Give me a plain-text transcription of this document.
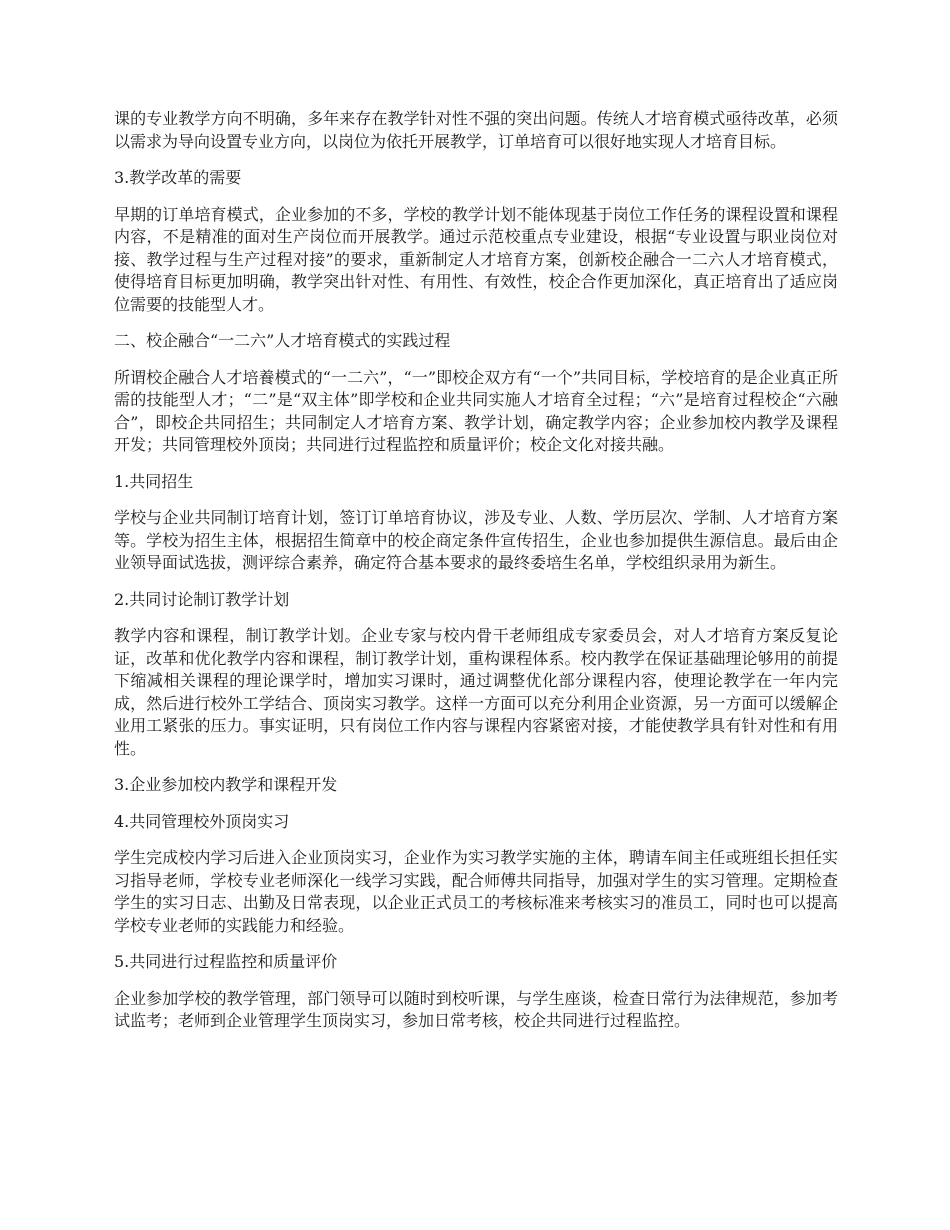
课的专业教学方向不明确，多年来存在教学针对性不强的突出问题。传统人才培育模式亟待改革，必须以需求为导向设置专业方向，以岗位为依托开展教学，订单培育可以很好地实现人才培育目标。

3.教学改革的需要

早期的订单培育模式，企业参加的不多，学校的教学计划不能体现基于岗位工作任务的课程设置和课程内容，不是精准的面对生产岗位而开展教学。通过示范校重点专业建设，根据“专业设置与职业岗位对接、教学过程与生产过程对接”的要求，重新制定人才培育方案，创新校企融合一二六人才培育模式，使得培育目标更加明确，教学突出针对性、有用性、有效性，校企合作更加深化，真正培育出了适应岗位需要的技能型人才。

二、校企融合“一二六”人才培育模式的实践过程

所谓校企融合人才培養模式的“一二六”，“一”即校企双方有“一个”共同目标，学校培育的是企业真正所需的技能型人才；“二”是“双主体”即学校和企业共同实施人才培育全过程；“六”是培育过程校企“六融合”，即校企共同招生；共同制定人才培育方案、教学计划，确定教学内容；企业参加校内教学及课程开发；共同管理校外顶岗；共同进行过程监控和质量评价；校企文化对接共融。

1.共同招生

学校与企业共同制订培育计划，签订订单培育协议，涉及专业、人数、学历层次、学制、人才培育方案等。学校为招生主体，根据招生简章中的校企商定条件宣传招生，企业也参加提供生源信息。最后由企业领导面试选拔，测评综合素养，确定符合基本要求的最终委培生名单，学校组织录用为新生。

2.共同讨论制订教学计划

教学内容和课程，制订教学计划。企业专家与校内骨干老师组成专家委员会，对人才培育方案反复论证，改革和优化教学内容和课程，制订教学计划，重构课程体系。校内教学在保证基础理论够用的前提下缩减相关课程的理论课学时，增加实习课时，通过调整优化部分课程内容，使理论教学在一年内完成，然后进行校外工学结合、顶岗实习教学。这样一方面可以充分利用企业资源，另一方面可以缓解企业用工紧张的压力。事实证明，只有岗位工作内容与课程内容紧密对接，才能使教学具有针对性和有用性。

3.企业参加校内教学和课程开发

4.共同管理校外顶岗实习

学生完成校内学习后进入企业顶岗实习，企业作为实习教学实施的主体，聘请车间主任或班组长担任实习指导老师，学校专业老师深化一线学习实践，配合师傅共同指导，加强对学生的实习管理。定期检查学生的实习日志、出勤及日常表现，以企业正式员工的考核标准来考核实习的准员工，同时也可以提高学校专业老师的实践能力和经验。

5.共同进行过程监控和质量评价

企业参加学校的教学管理，部门领导可以随时到校听课，与学生座谈，检查日常行为法律规范，参加考试监考；老师到企业管理学生顶岗实习，参加日常考核，校企共同进行过程监控。
